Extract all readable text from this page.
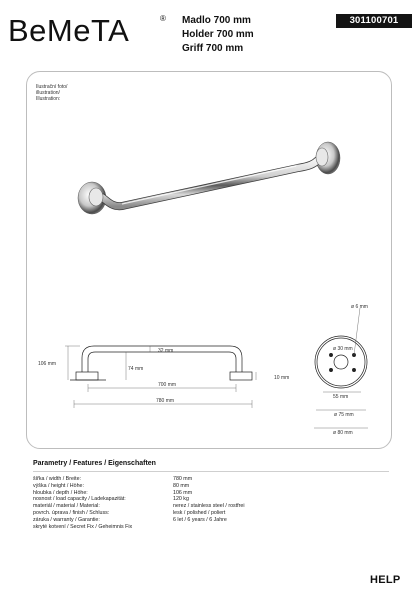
BeMeTA	® Madlo 700 mm
Holder 700 mm
Griff 700 mm
301100701
Ilustrační foto/
illustration/
Illustration:
106 mm
32 mm
74 mm
10 mm
700 mm
780 mm
ø 6 mm
ø 30 mm
55 mm
ø 75 mm
ø 80 mm
Parametry / Features / Eigenschaften
šířka / width / Breite:	780 mm
výška / height / Höhe:	80 mm
hloubka / depth / Höhe:	106 mm
nosnost / load capacity / Ladekapazität:	120 kg
materiál / material / Material:	nerez / stainless steel / rostfrei
povrch. úprava / finish / Schluss:	lesk / polished / poliert
záruka / warranty / Garantie:	6 let / 6 years / 6 Jahre
skryté kotvení / Secret Fix / Geheimnis Fix
HELP
